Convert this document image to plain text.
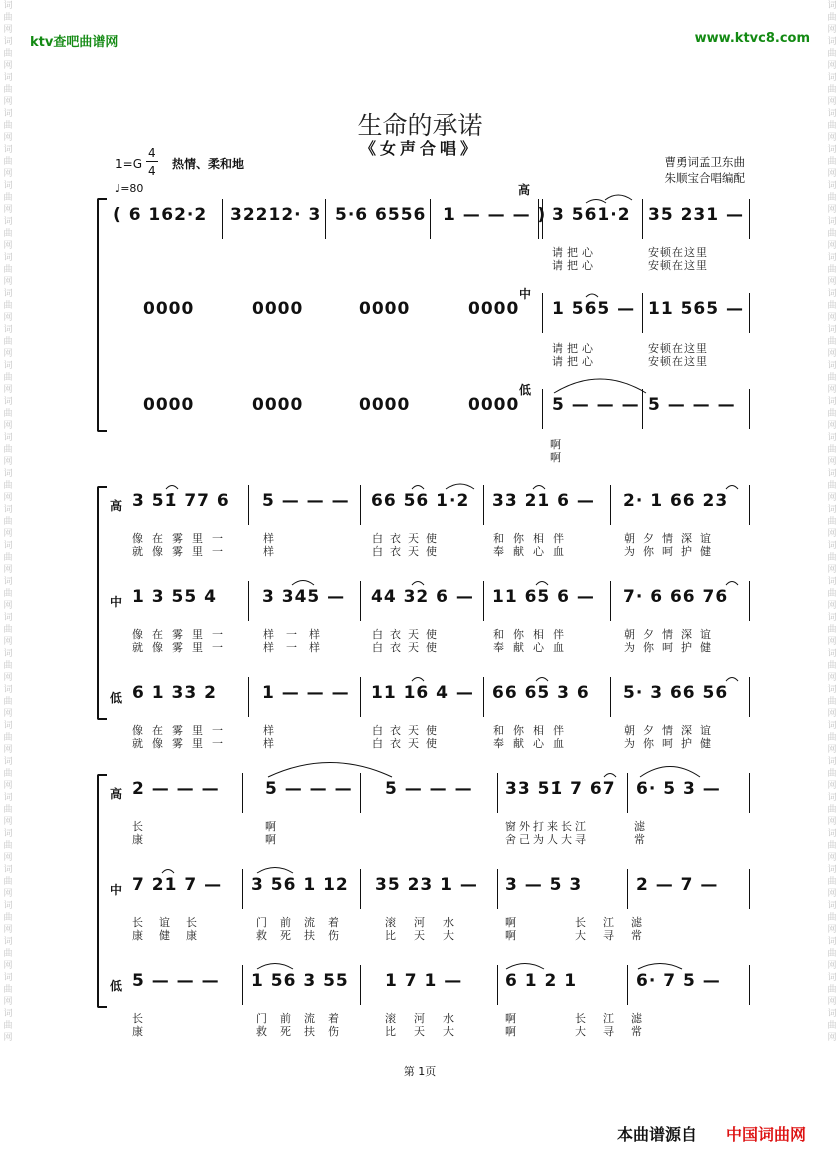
词曲网词曲网词曲网词曲网词曲网词曲网词曲网词曲网词曲网词曲网词曲网词曲网词曲网词曲网词曲网词曲网词曲网词曲网词曲网词曲网词曲网词曲网词曲网词曲网词曲网词曲网词曲网词曲网词曲网
词曲网词曲网词曲网词曲网词曲网词曲网词曲网词曲网词曲网词曲网词曲网词曲网词曲网词曲网词曲网词曲网词曲网词曲网词曲网词曲网词曲网词曲网词曲网词曲网词曲网词曲网词曲网词曲网词曲网
ktv查吧曲谱网	www.ktvc8.com
生命的承诺
《女声合唱》
1=G
4
4 热情、柔和地
♩=80
曹勇词孟卫东曲
朱顺宝合唱编配
高
中
低
( 6 162·2 32212· 3 5·6 6556 1 — — — ) 3 561·2 35 231 —
请把心
请把心
安顿在这里
安顿在这里
0000	0000	0000	0000 1 565 — 11 565 —
请把心
请把心
安顿在这里
安顿在这里
0000	0000	0000	0000 5 — — — 5 — — —
啊
啊
高
中
低
3 51̇ 77 6 5 — — — 66 56 1·2 33 21 6 — 2· 1 66 23
1 3 55 4	3 345 — 44 32 6 — 11 65 6 — 7· 6 66 76
6 1 33 2	1 — — — 11 16 4 — 66 65 3 6 5· 3 66 56
像在雾里一	样	白衣天使	和你相伴	朝夕情深谊
就像雾里一	样	白衣天使	奉献心血	为你呵护健
像在雾里一	样一样	白衣天使	和你相伴	朝夕情深谊
就像雾里一	样一样	白衣天使	奉献心血	为你呵护健
像在雾里一	样	白衣天使	和你相伴	朝夕情深谊
就像雾里一	样	白衣天使	奉献心血	为你呵护健
高
中
低
2 — — —	5 — — — 5 — — — 33 51̇ 7 67 6· 5 3 —
7 21 7 — 3 56 1 12 35 23 1 — 3 — 5 3	2 — 7 —
5 — — — 1 56 3 55 1 7 1 —	6 1 2 1	6· 7 5 —
长	啊	窗外打来长江	滤
康	啊	舍己为人大寻	常
长谊长	门前流着	滚河水	啊	长江滤
康健康	救死扶伤	比天大	啊	大寻常
长	门前流着	滚河水	啊	长江滤
康	救死扶伤	比天大	啊	大寻常
第 1页
本曲谱源自 中国词曲网
